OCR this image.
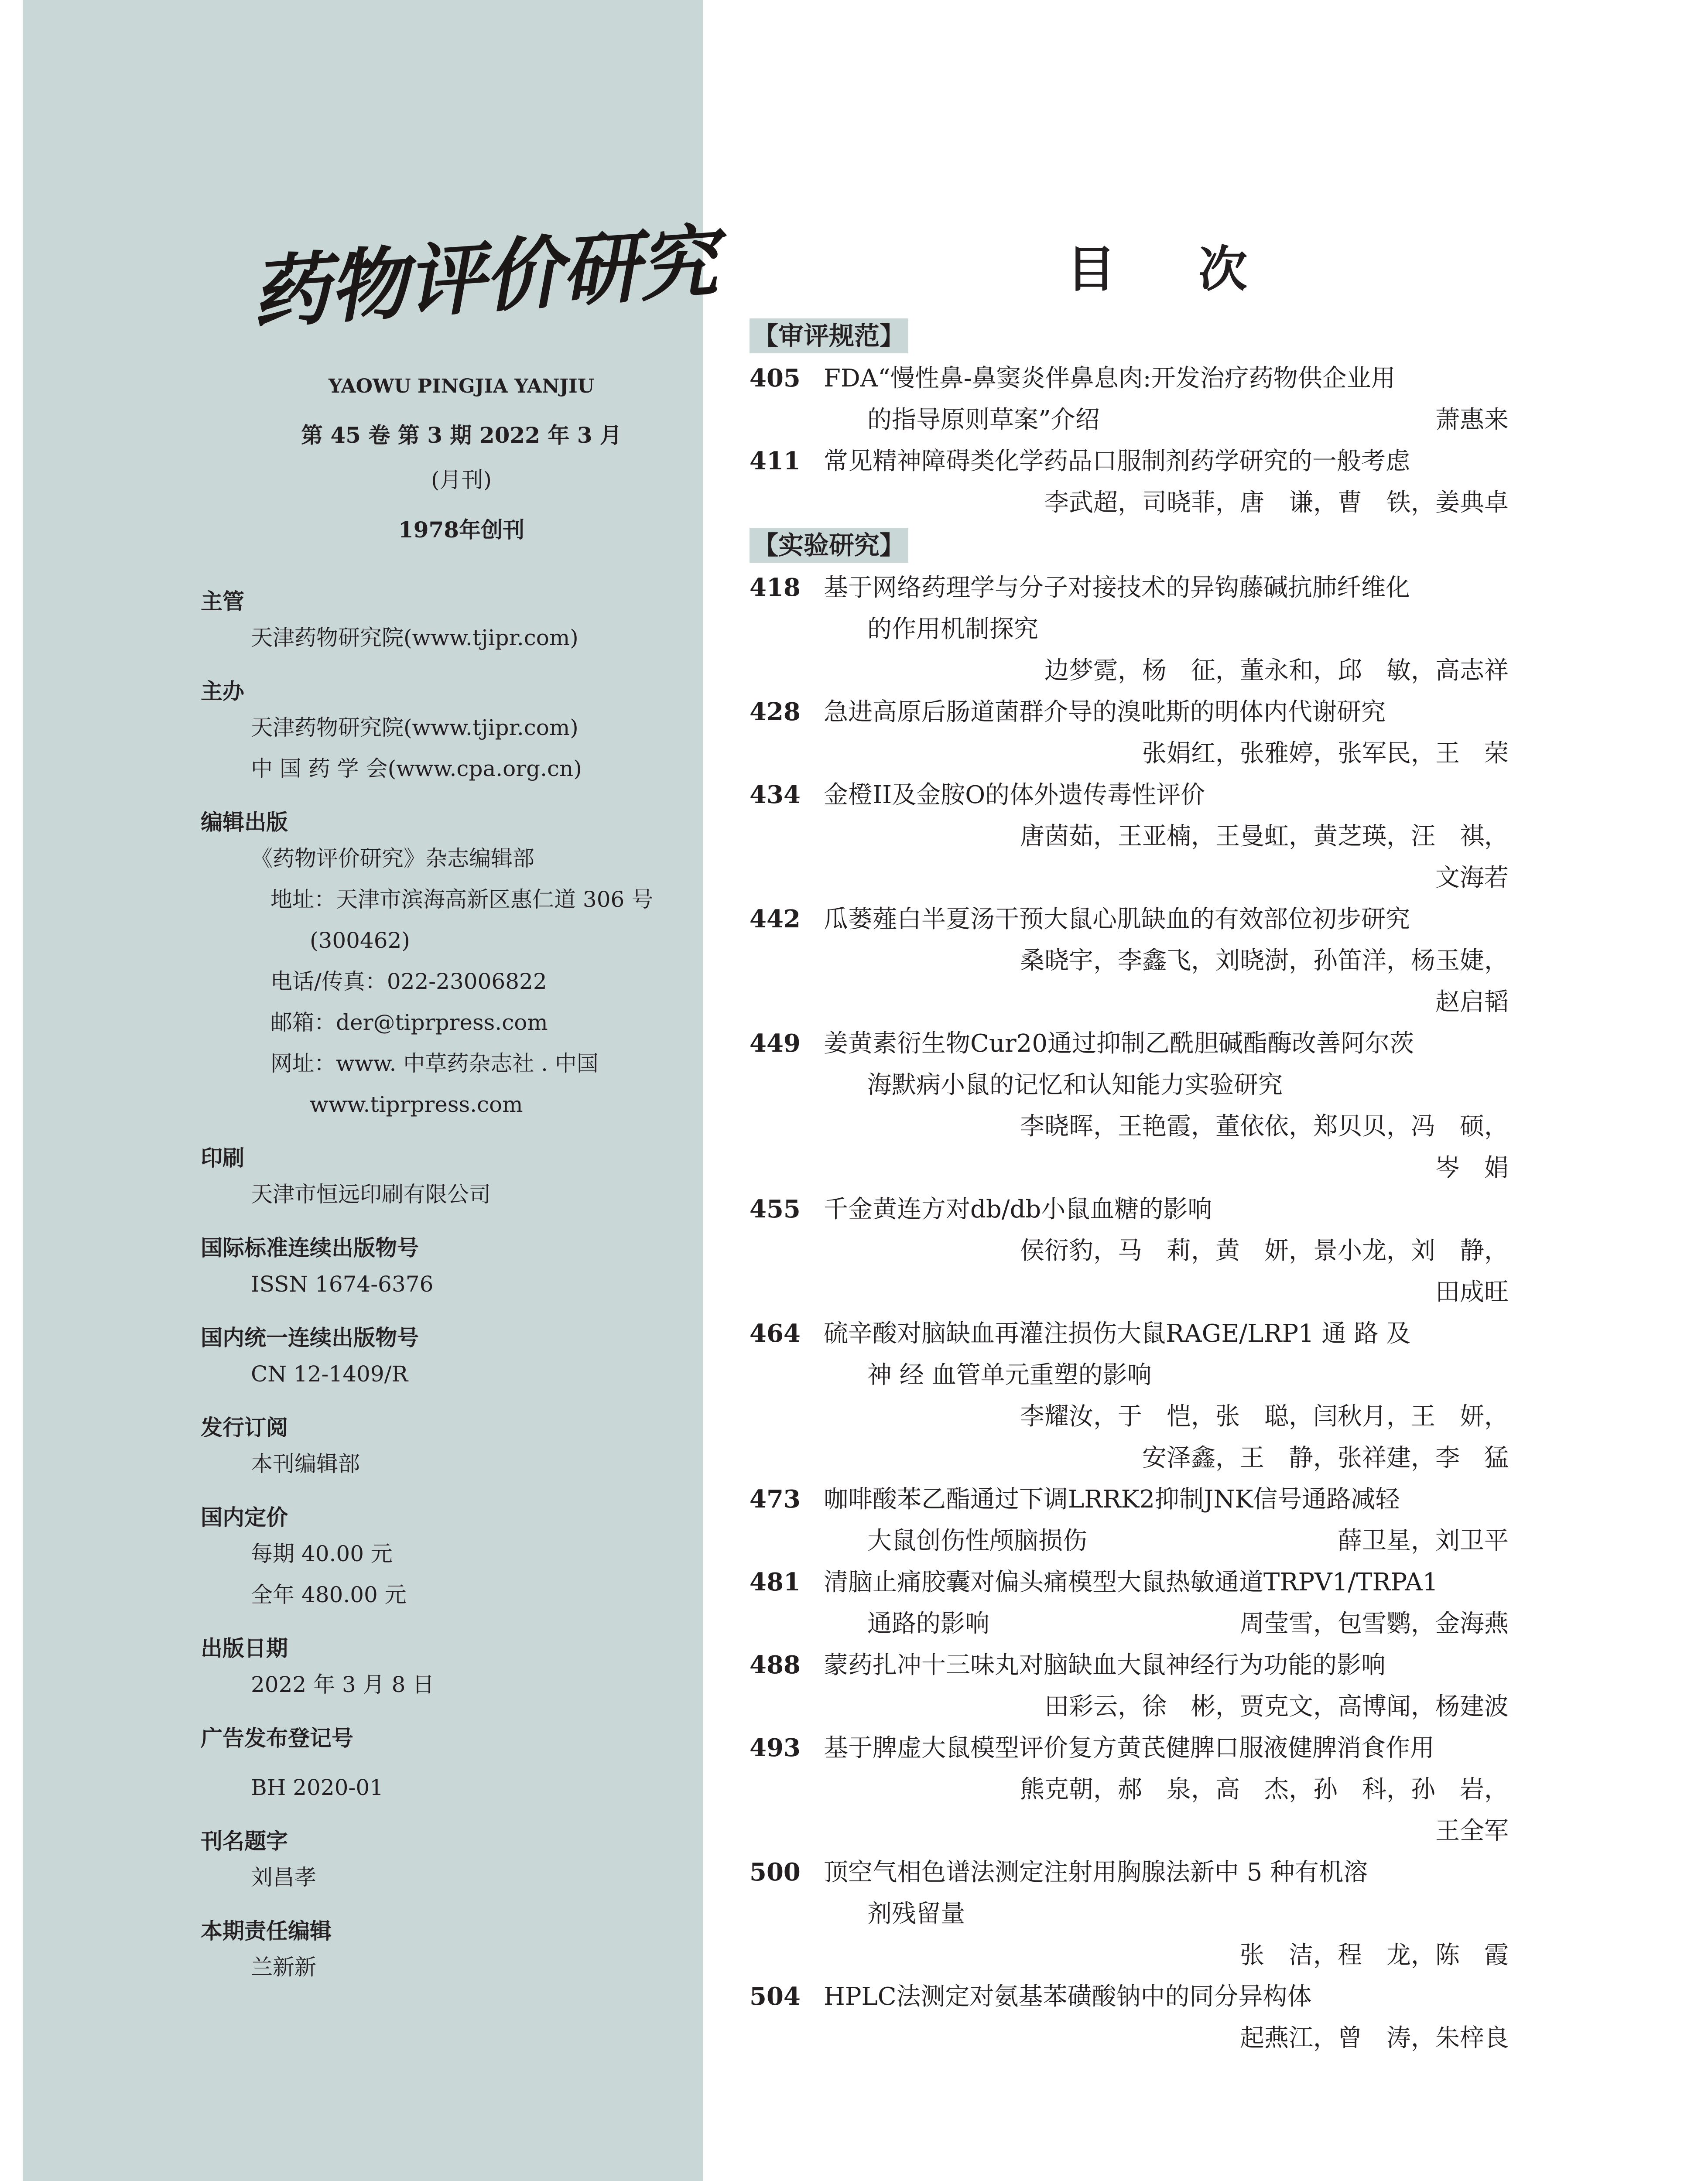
药物评价研究
YAOWU PINGJIA YANJIU
第 45 卷 第 3 期 2022 年 3 月
(月刊)
1978年创刊
主管
天津药物研究院(www.tjipr.com)
主办
天津药物研究院(www.tjipr.com)
中 国 药 学 会(www.cpa.org.cn)
编辑出版
《药物评价研究》杂志编辑部
地址：天津市滨海高新区惠仁道 306 号
(300462)
电话/传真：022-23006822
邮箱：der@tiprpress.com
网址：www. 中草药杂志社 . 中国
www.tiprpress.com
印刷
天津市恒远印刷有限公司
国际标准连续出版物号
ISSN 1674-6376
国内统一连续出版物号
CN 12-1409/R
发行订阅
本刊编辑部
国内定价
每期 40.00 元
全年 480.00 元
出版日期
2022 年 3 月 8 日
广告发布登记号
BH 2020-01
刊名题字
刘昌孝
本期责任编辑
兰新新
目次
【审评规范】
405 FDA“慢性鼻-鼻窦炎伴鼻息肉:开发治疗药物供企业用
的指导原则草案”介绍	萧惠来
411 常见精神障碍类化学药品口服制剂药学研究的一般考虑
李武超，司晓菲，唐　谦，曹　铁，姜典卓
【实验研究】
418 基于网络药理学与分子对接技术的异钩藤碱抗肺纤维化
的作用机制探究
边梦霓，杨　征，董永和，邱　敏，高志祥
428 急进高原后肠道菌群介导的溴吡斯的明体内代谢研究
张娟红，张雅婷，张军民，王　荣
434 金橙II及金胺O的体外遗传毒性评价
唐茵茹，王亚楠，王曼虹，黄芝瑛，汪　祺，
文海若
442 瓜蒌薤白半夏汤干预大鼠心肌缺血的有效部位初步研究
桑晓宇，李鑫飞，刘晓澍，孙笛洋，杨玉婕，
赵启韬
449 姜黄素衍生物Cur20通过抑制乙酰胆碱酯酶改善阿尔茨
海默病小鼠的记忆和认知能力实验研究
李晓晖，王艳霞，董依依，郑贝贝，冯　硕，
岑　娟
455 千金黄连方对db/db小鼠血糖的影响
侯衍豹，马　莉，黄　妍，景小龙，刘　静，
田成旺
464 硫辛酸对脑缺血再灌注损伤大鼠RAGE/LRP1 通 路 及
神 经 血管单元重塑的影响
李耀汝，于　恺，张　聪，闫秋月，王　妍，
安泽鑫，王　静，张祥建，李　猛
473 咖啡酸苯乙酯通过下调LRRK2抑制JNK信号通路减轻
大鼠创伤性颅脑损伤	薛卫星，刘卫平
481 清脑止痛胶囊对偏头痛模型大鼠热敏通道TRPV1/TRPA1
通路的影响	周莹雪，包雪鹦，金海燕
488 蒙药扎冲十三味丸对脑缺血大鼠神经行为功能的影响
田彩云，徐　彬，贾克文，高博闻，杨建波
493 基于脾虚大鼠模型评价复方黄芪健脾口服液健脾消食作用
熊克朝，郝　泉，高　杰，孙　科，孙　岩，
王全军
500 顶空气相色谱法测定注射用胸腺法新中 5 种有机溶
剂残留量
张　洁，程　龙，陈　霞
504 HPLC法测定对氨基苯磺酸钠中的同分异构体
起燕江，曾　涛，朱梓良
